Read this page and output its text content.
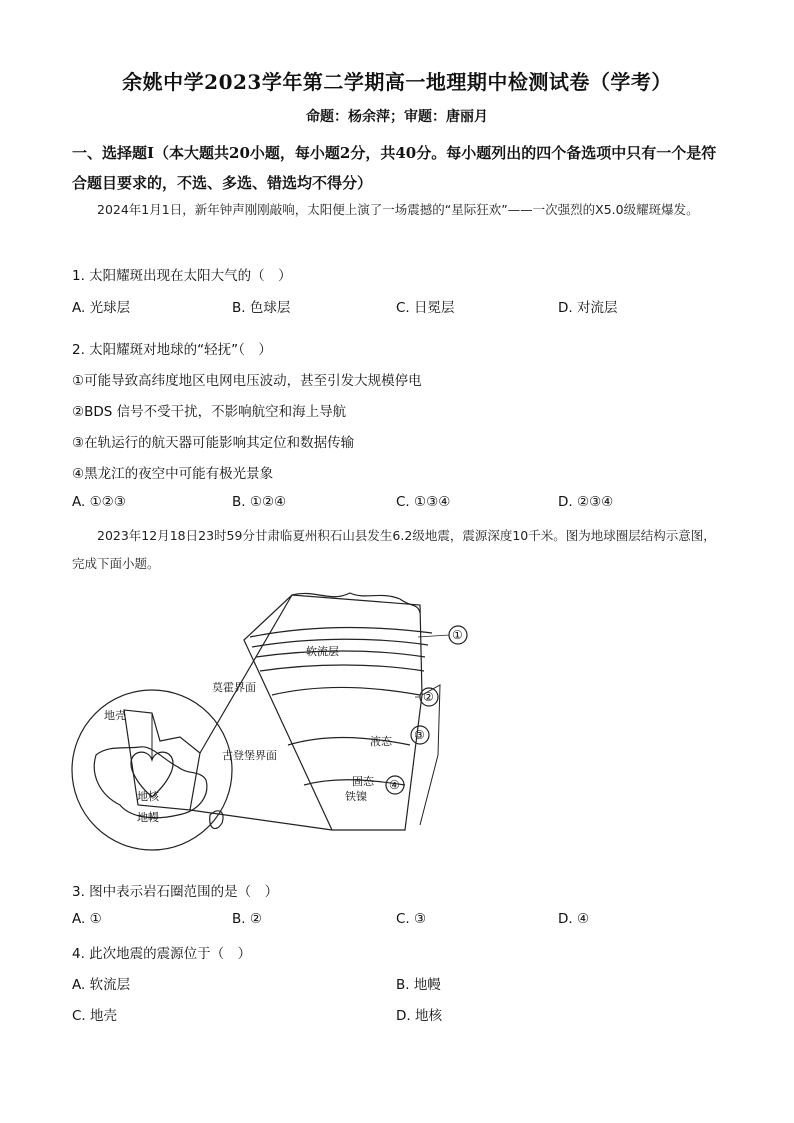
余姚中学2023学年第二学期高一地理期中检测试卷（学考）
命题：杨余萍；审题：唐丽月
一、选择题Ⅰ（本大题共20小题，每小题2分，共40分。每小题列出的四个备选项中只有一个是符合题目要求的，不选、多选、错选均不得分）
2024年1月1日，新年钟声刚刚敲响，太阳便上演了一场震撼的“星际狂欢”——一次强烈的X5.0级耀斑爆发。
1. 太阳耀斑出现在太阳大气的（　）
A. 光球层	B. 色球层	C. 日冕层	D. 对流层
2. 太阳耀斑对地球的“轻抚”（　）
①可能导致高纬度地区电网电压波动，甚至引发大规模停电
②BDS 信号不受干扰，不影响航空和海上导航
③在轨运行的航天器可能影响其定位和数据传输
④黑龙江的夜空中可能有极光景象
A. ①②③	B. ①②④	C. ①③④	D. ②③④
2023年12月18日23时59分甘肃临夏州积石山县发生6.2级地震，震源深度10千米。图为地球圈层结构示意图，完成下面小题。
软流层
莫霍界面
古登堡界面
地壳
地核
地幔
液态
固态
铁镍
①
②
③
④
3. 图中表示岩石圈范围的是（　）
A. ①	B. ②	C. ③	D. ④
4. 此次地震的震源位于（　）
A. 软流层	B. 地幔
C. 地壳	D. 地核
